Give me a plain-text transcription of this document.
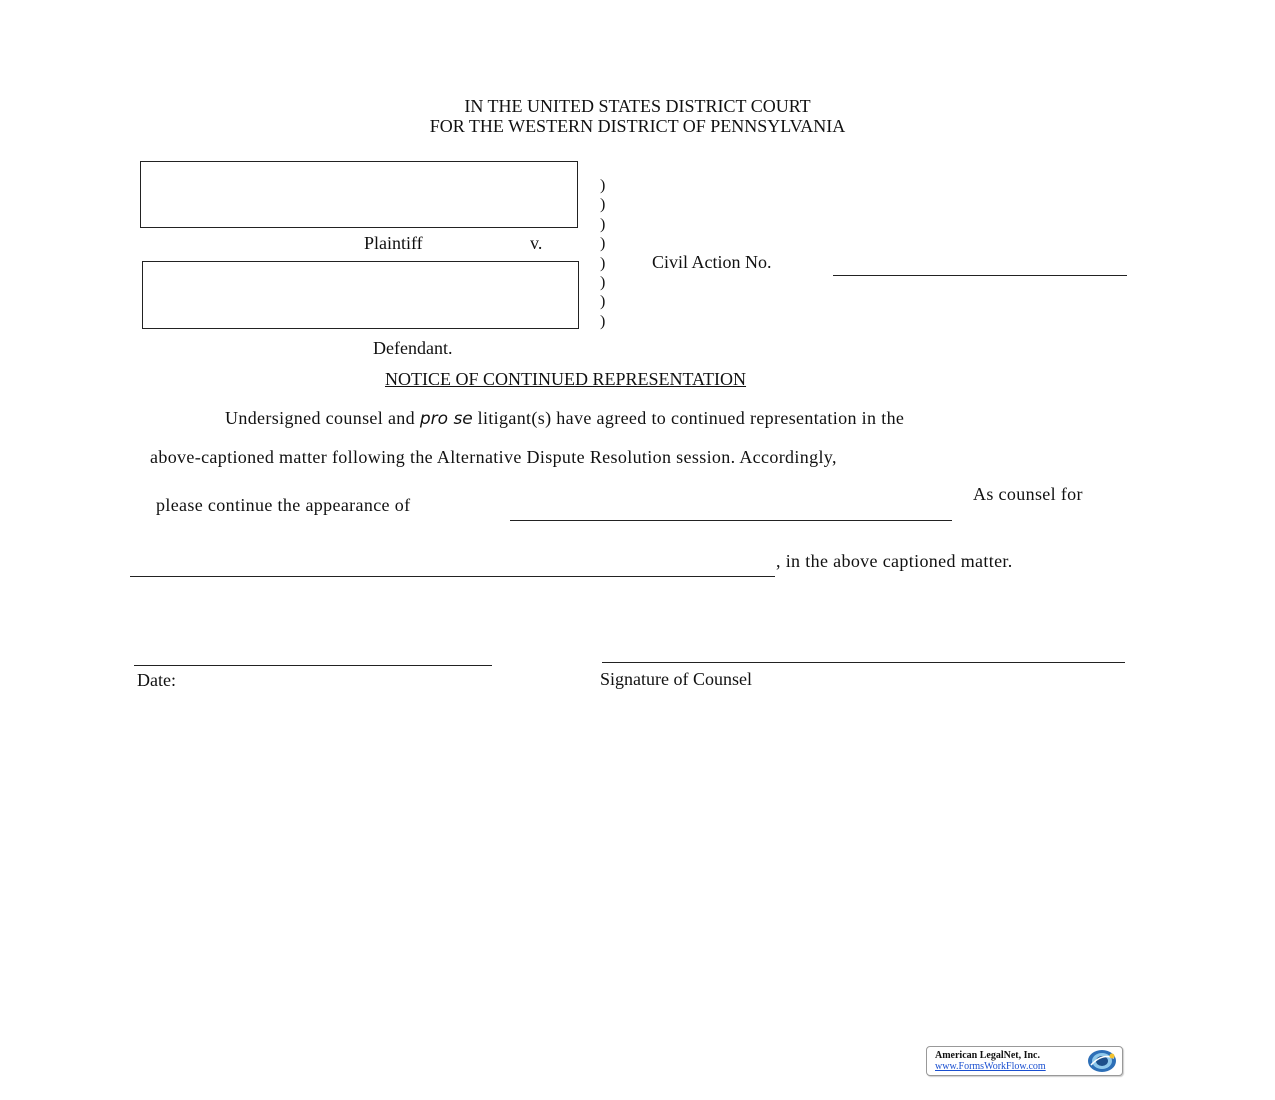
IN THE UNITED STATES DISTRICT COURT
FOR THE WESTERN DISTRICT OF PENNSYLVANIA
Plaintiff	v.
Defendant.
)
)
)
)
)
)
)
)
Civil Action No.
NOTICE OF CONTINUED REPRESENTATION
Undersigned counsel and pro se litigant(s) have agreed to continued representation in the
above-captioned matter following the Alternative Dispute Resolution session. Accordingly,
please continue the appearance of
As counsel for
, in the above captioned matter.
Date:	Signature of Counsel
American LegalNet, Inc.
www.FormsWorkFlow.com
